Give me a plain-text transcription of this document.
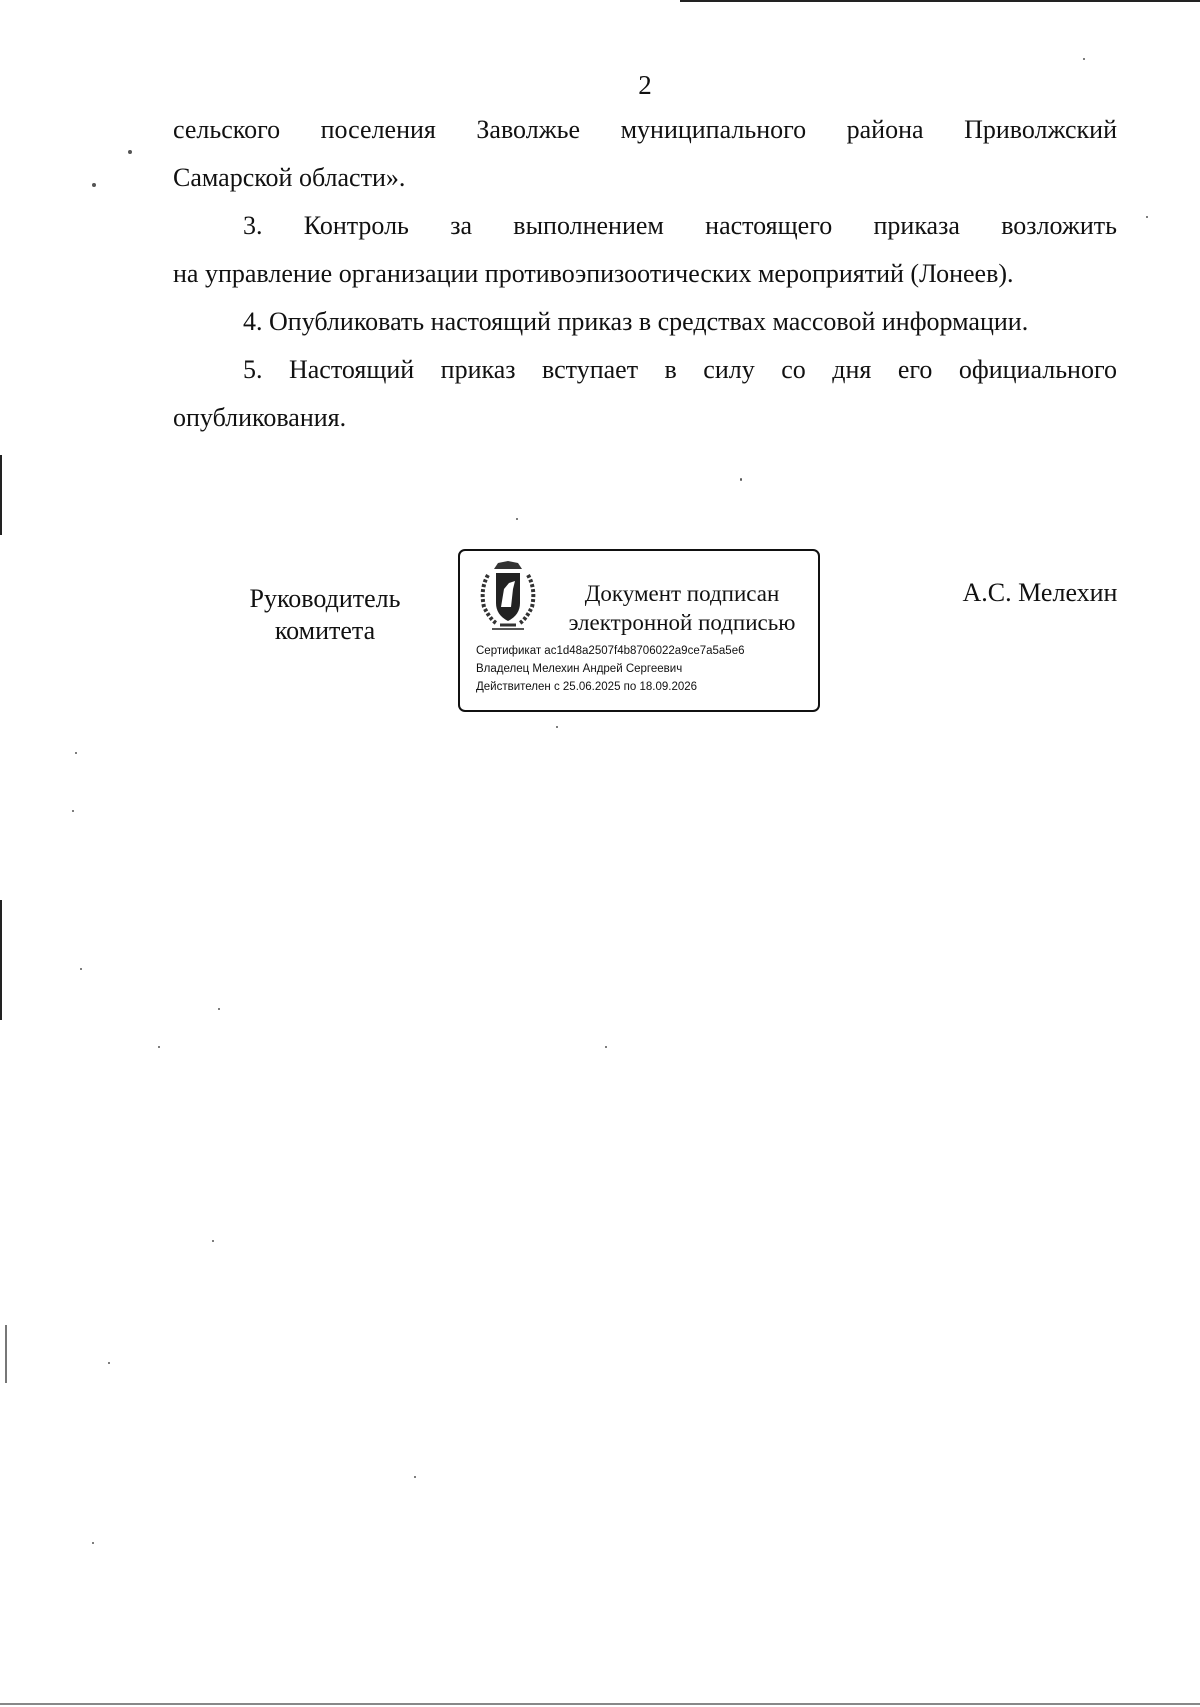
2
сельского поселения Заволжье муниципального района Приволжский
Самарской области».
3. Контроль за выполнением настоящего приказа возложить
на управление организации противоэпизоотических мероприятий (Лонеев).
4. Опубликовать настоящий приказ в средствах массовой информации.
5. Настоящий приказ вступает в силу со дня его официального
опубликования.
Руководитель
комитета
Документ подписан
электронной подписью
Сертификат ac1d48a2507f4b8706022a9ce7a5a5e6
Владелец Мелехин Андрей Сергеевич
Действителен с 25.06.2025 по 18.09.2026
А.С. Мелехин
